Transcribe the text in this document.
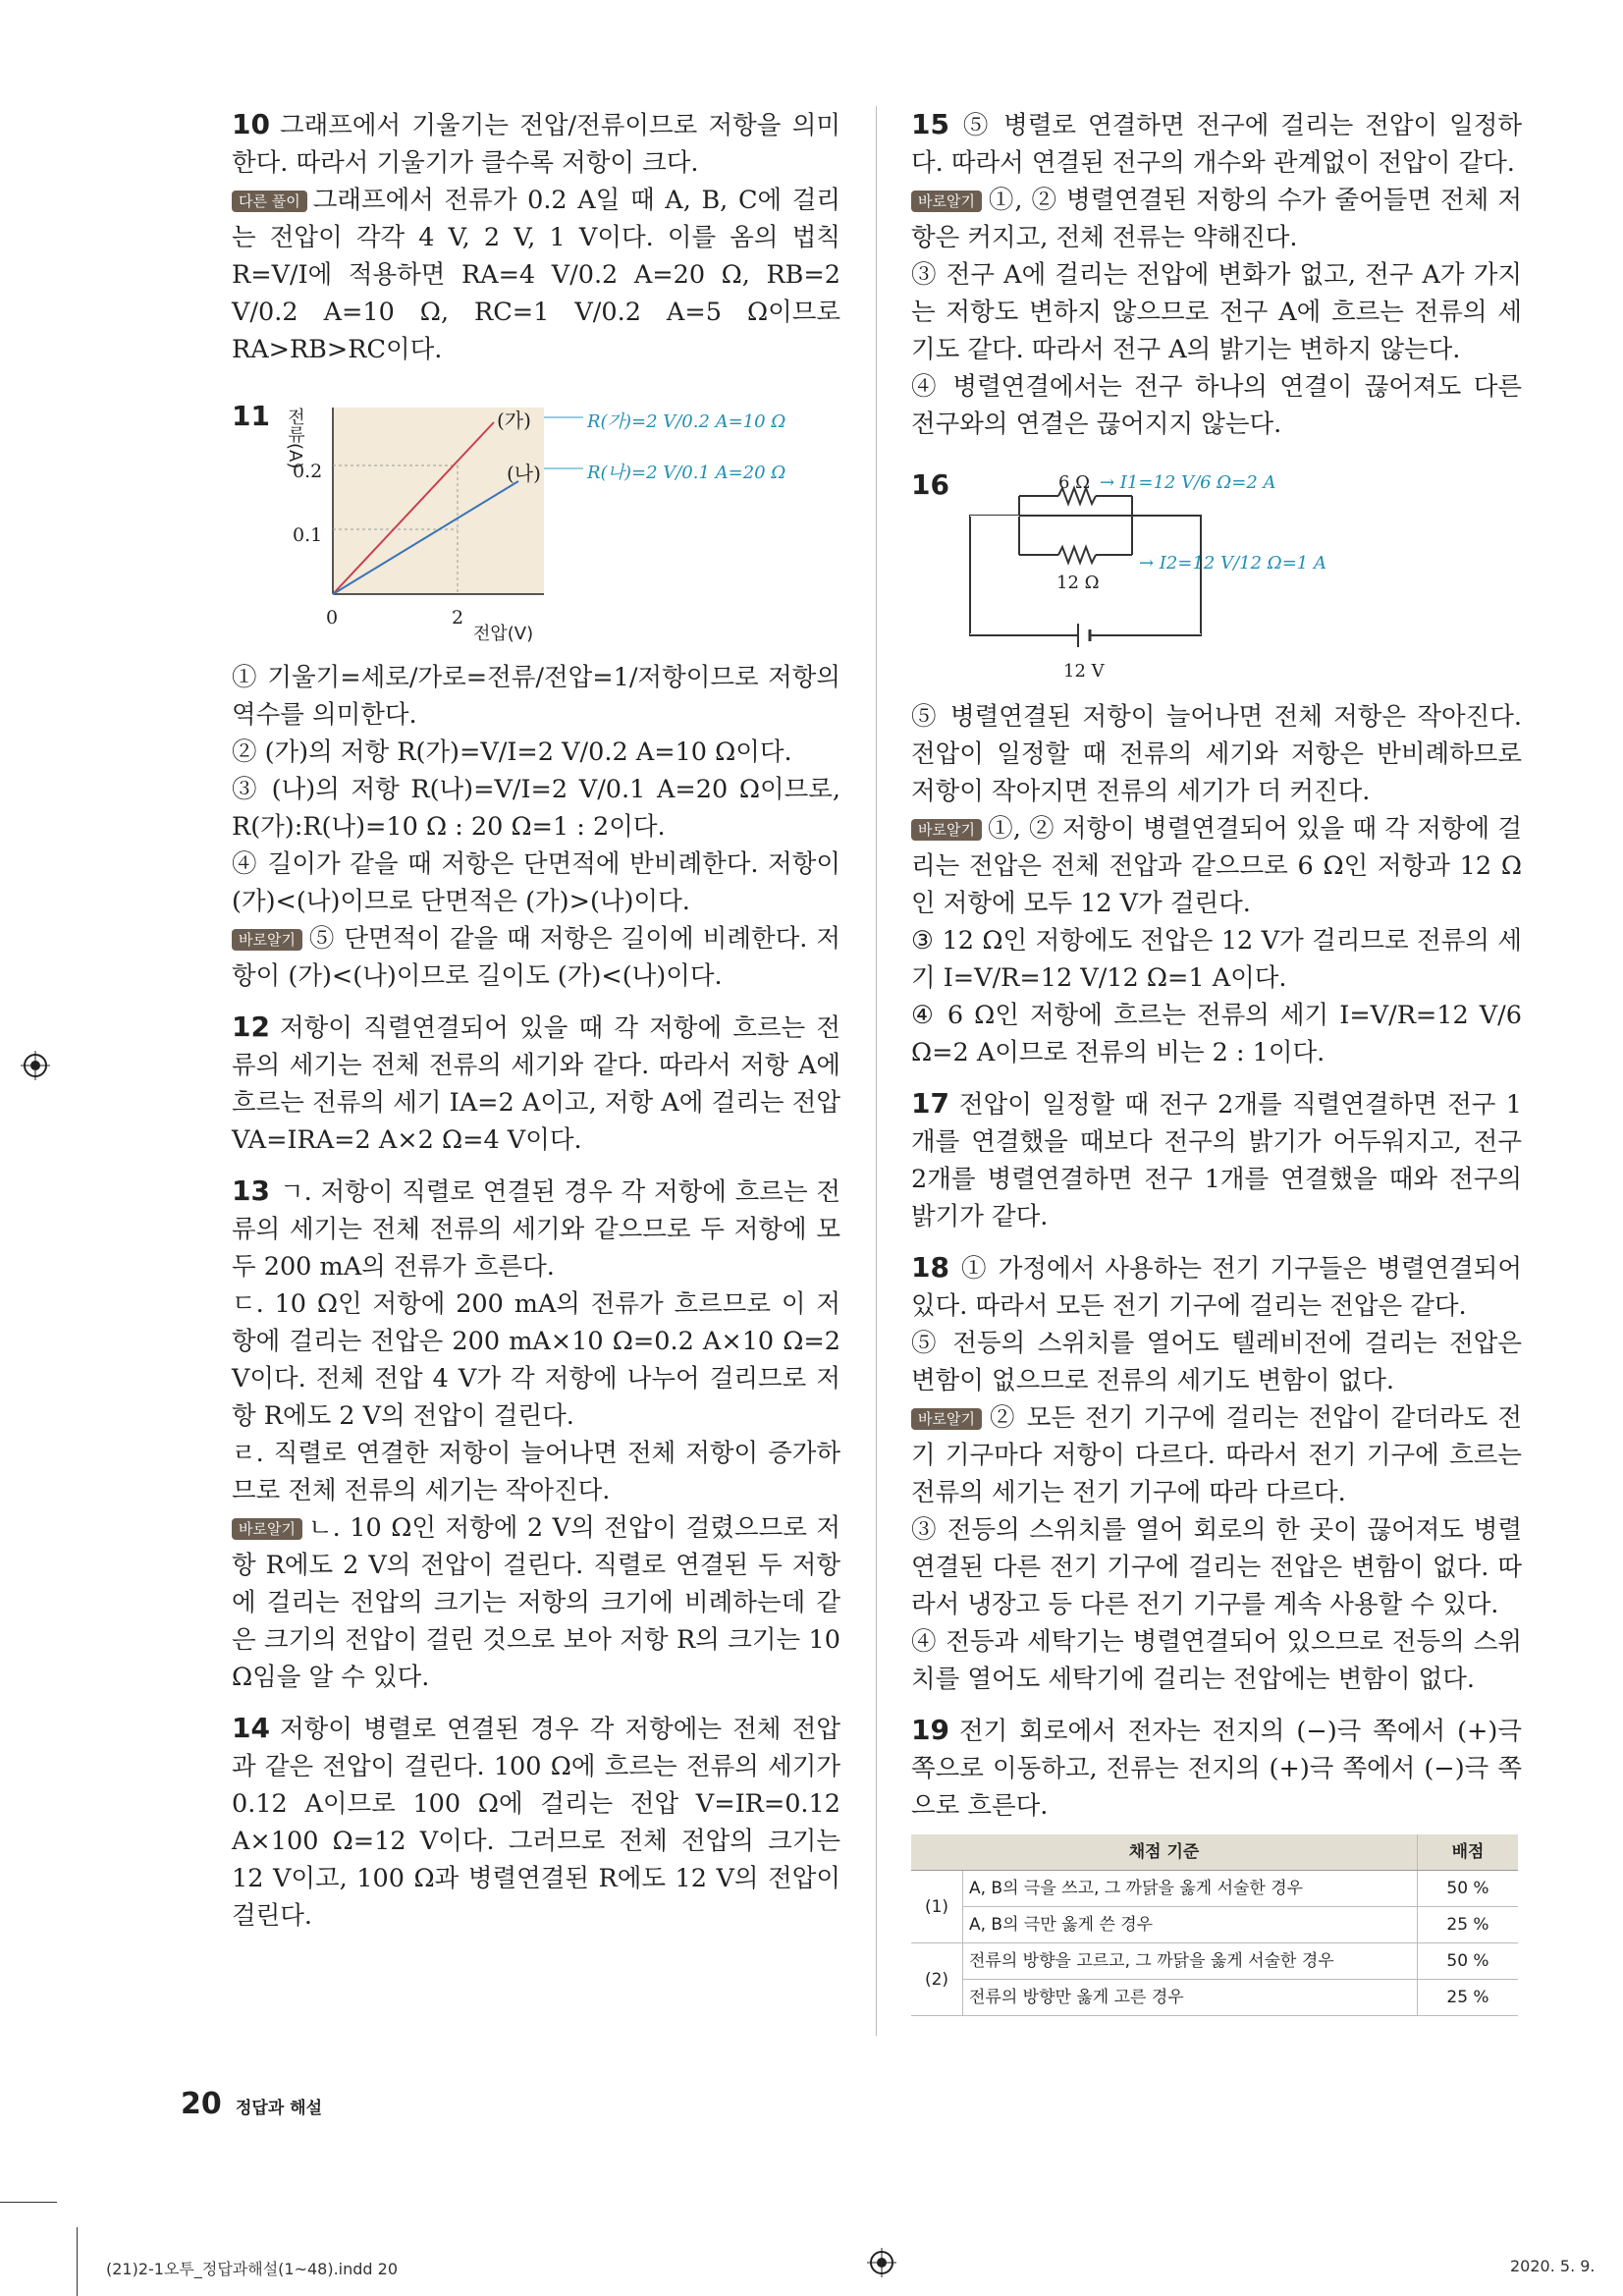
10 그래프에서 기울기는 전압/전류이므로 저항을 의미한다. 따라서 기울기가 클수록 저항이 크다.

다른 풀이 그래프에서 전류가 0.2 A일 때 A, B, C에 걸리는 전압이 각각 4 V, 2 V, 1 V이다. 이를 옴의 법칙 R=V/I에 적용하면 RA=4 V/0.2 A=20 Ω, RB=2 V/0.2 A=10 Ω, RC=1 V/0.2 A=5 Ω이므로 RA>RB>RC이다.

11 전류(A)
0.2
0.1
0	2
전압(V)
(가)
(나)
R(가)=2 V/0.2 A=10 Ω
R(나)=2 V/0.1 A=20 Ω

① 기울기=세로/가로=전류/전압=1/저항이므로 저항의 역수를 의미한다.

② (가)의 저항 R(가)=V/I=2 V/0.2 A=10 Ω이다.

③ (나)의 저항 R(나)=V/I=2 V/0.1 A=20 Ω이므로, R(가):R(나)=10 Ω : 20 Ω=1 : 2이다.

④ 길이가 같을 때 저항은 단면적에 반비례한다. 저항이 (가)<(나)이므로 단면적은 (가)>(나)이다.

바로알기 ⑤ 단면적이 같을 때 저항은 길이에 비례한다. 저항이 (가)<(나)이므로 길이도 (가)<(나)이다.

12 저항이 직렬연결되어 있을 때 각 저항에 흐르는 전류의 세기는 전체 전류의 세기와 같다. 따라서 저항 A에 흐르는 전류의 세기 IA=2 A이고, 저항 A에 걸리는 전압 VA=IRA=2 A×2 Ω=4 V이다.

13 ㄱ. 저항이 직렬로 연결된 경우 각 저항에 흐르는 전류의 세기는 전체 전류의 세기와 같으므로 두 저항에 모두 200 mA의 전류가 흐른다.

ㄷ. 10 Ω인 저항에 200 mA의 전류가 흐르므로 이 저항에 걸리는 전압은 200 mA×10 Ω=0.2 A×10 Ω=2 V이다. 전체 전압 4 V가 각 저항에 나누어 걸리므로 저항 R에도 2 V의 전압이 걸린다.

ㄹ. 직렬로 연결한 저항이 늘어나면 전체 저항이 증가하므로 전체 전류의 세기는 작아진다.

바로알기 ㄴ. 10 Ω인 저항에 2 V의 전압이 걸렸으므로 저항 R에도 2 V의 전압이 걸린다. 직렬로 연결된 두 저항에 걸리는 전압의 크기는 저항의 크기에 비례하는데 같은 크기의 전압이 걸린 것으로 보아 저항 R의 크기는 10 Ω임을 알 수 있다.

14 저항이 병렬로 연결된 경우 각 저항에는 전체 전압과 같은 전압이 걸린다. 100 Ω에 흐르는 전류의 세기가 0.12 A이므로 100 Ω에 걸리는 전압 V=IR=0.12 A×100 Ω=12 V이다. 그러므로 전체 전압의 크기는 12 V이고, 100 Ω과 병렬연결된 R에도 12 V의 전압이 걸린다.

15 ⑤ 병렬로 연결하면 전구에 걸리는 전압이 일정하다. 따라서 연결된 전구의 개수와 관계없이 전압이 같다.

바로알기 ①, ② 병렬연결된 저항의 수가 줄어들면 전체 저항은 커지고, 전체 전류는 약해진다.

③ 전구 A에 걸리는 전압에 변화가 없고, 전구 A가 가지는 저항도 변하지 않으므로 전구 A에 흐르는 전류의 세기도 같다. 따라서 전구 A의 밝기는 변하지 않는다.

④ 병렬연결에서는 전구 하나의 연결이 끊어져도 다른 전구와의 연결은 끊어지지 않는다.

16	6 Ω
12 Ω
12 V
→ I1=12 V/6 Ω=2 A
→ I2=12 V/12 Ω=1 A

⑤ 병렬연결된 저항이 늘어나면 전체 저항은 작아진다. 전압이 일정할 때 전류의 세기와 저항은 반비례하므로 저항이 작아지면 전류의 세기가 더 커진다.

바로알기 ①, ② 저항이 병렬연결되어 있을 때 각 저항에 걸리는 전압은 전체 전압과 같으므로 6 Ω인 저항과 12 Ω인 저항에 모두 12 V가 걸린다.

③ 12 Ω인 저항에도 전압은 12 V가 걸리므로 전류의 세기 I=V/R=12 V/12 Ω=1 A이다.

④ 6 Ω인 저항에 흐르는 전류의 세기 I=V/R=12 V/6 Ω=2 A이므로 전류의 비는 2 : 1이다.

17 전압이 일정할 때 전구 2개를 직렬연결하면 전구 1개를 연결했을 때보다 전구의 밝기가 어두워지고, 전구 2개를 병렬연결하면 전구 1개를 연결했을 때와 전구의 밝기가 같다.

18 ① 가정에서 사용하는 전기 기구들은 병렬연결되어 있다. 따라서 모든 전기 기구에 걸리는 전압은 같다.

⑤ 전등의 스위치를 열어도 텔레비전에 걸리는 전압은 변함이 없으므로 전류의 세기도 변함이 없다.

바로알기 ② 모든 전기 기구에 걸리는 전압이 같더라도 전기 기구마다 저항이 다르다. 따라서 전기 기구에 흐르는 전류의 세기는 전기 기구에 따라 다르다.

③ 전등의 스위치를 열어 회로의 한 곳이 끊어져도 병렬연결된 다른 전기 기구에 걸리는 전압은 변함이 없다. 따라서 냉장고 등 다른 전기 기구를 계속 사용할 수 있다.

④ 전등과 세탁기는 병렬연결되어 있으므로 전등의 스위치를 열어도 세탁기에 걸리는 전압에는 변함이 없다.

19 전기 회로에서 전자는 전지의 (−)극 쪽에서 (+)극 쪽으로 이동하고, 전류는 전지의 (+)극 쪽에서 (−)극 쪽으로 흐른다.

채점 기준		배점
(1)	A, B의 극을 쓰고, 그 까닭을 옳게 서술한 경우	50 %
	A, B의 극만 옳게 쓴 경우	25 %
(2)	전류의 방향을 고르고, 그 까닭을 옳게 서술한 경우	50 %
	전류의 방향만 옳게 고른 경우	25 %
20 정답과 해설
(21)2-1오투_정답과해설(1~48).indd 20	2020. 5. 9.
